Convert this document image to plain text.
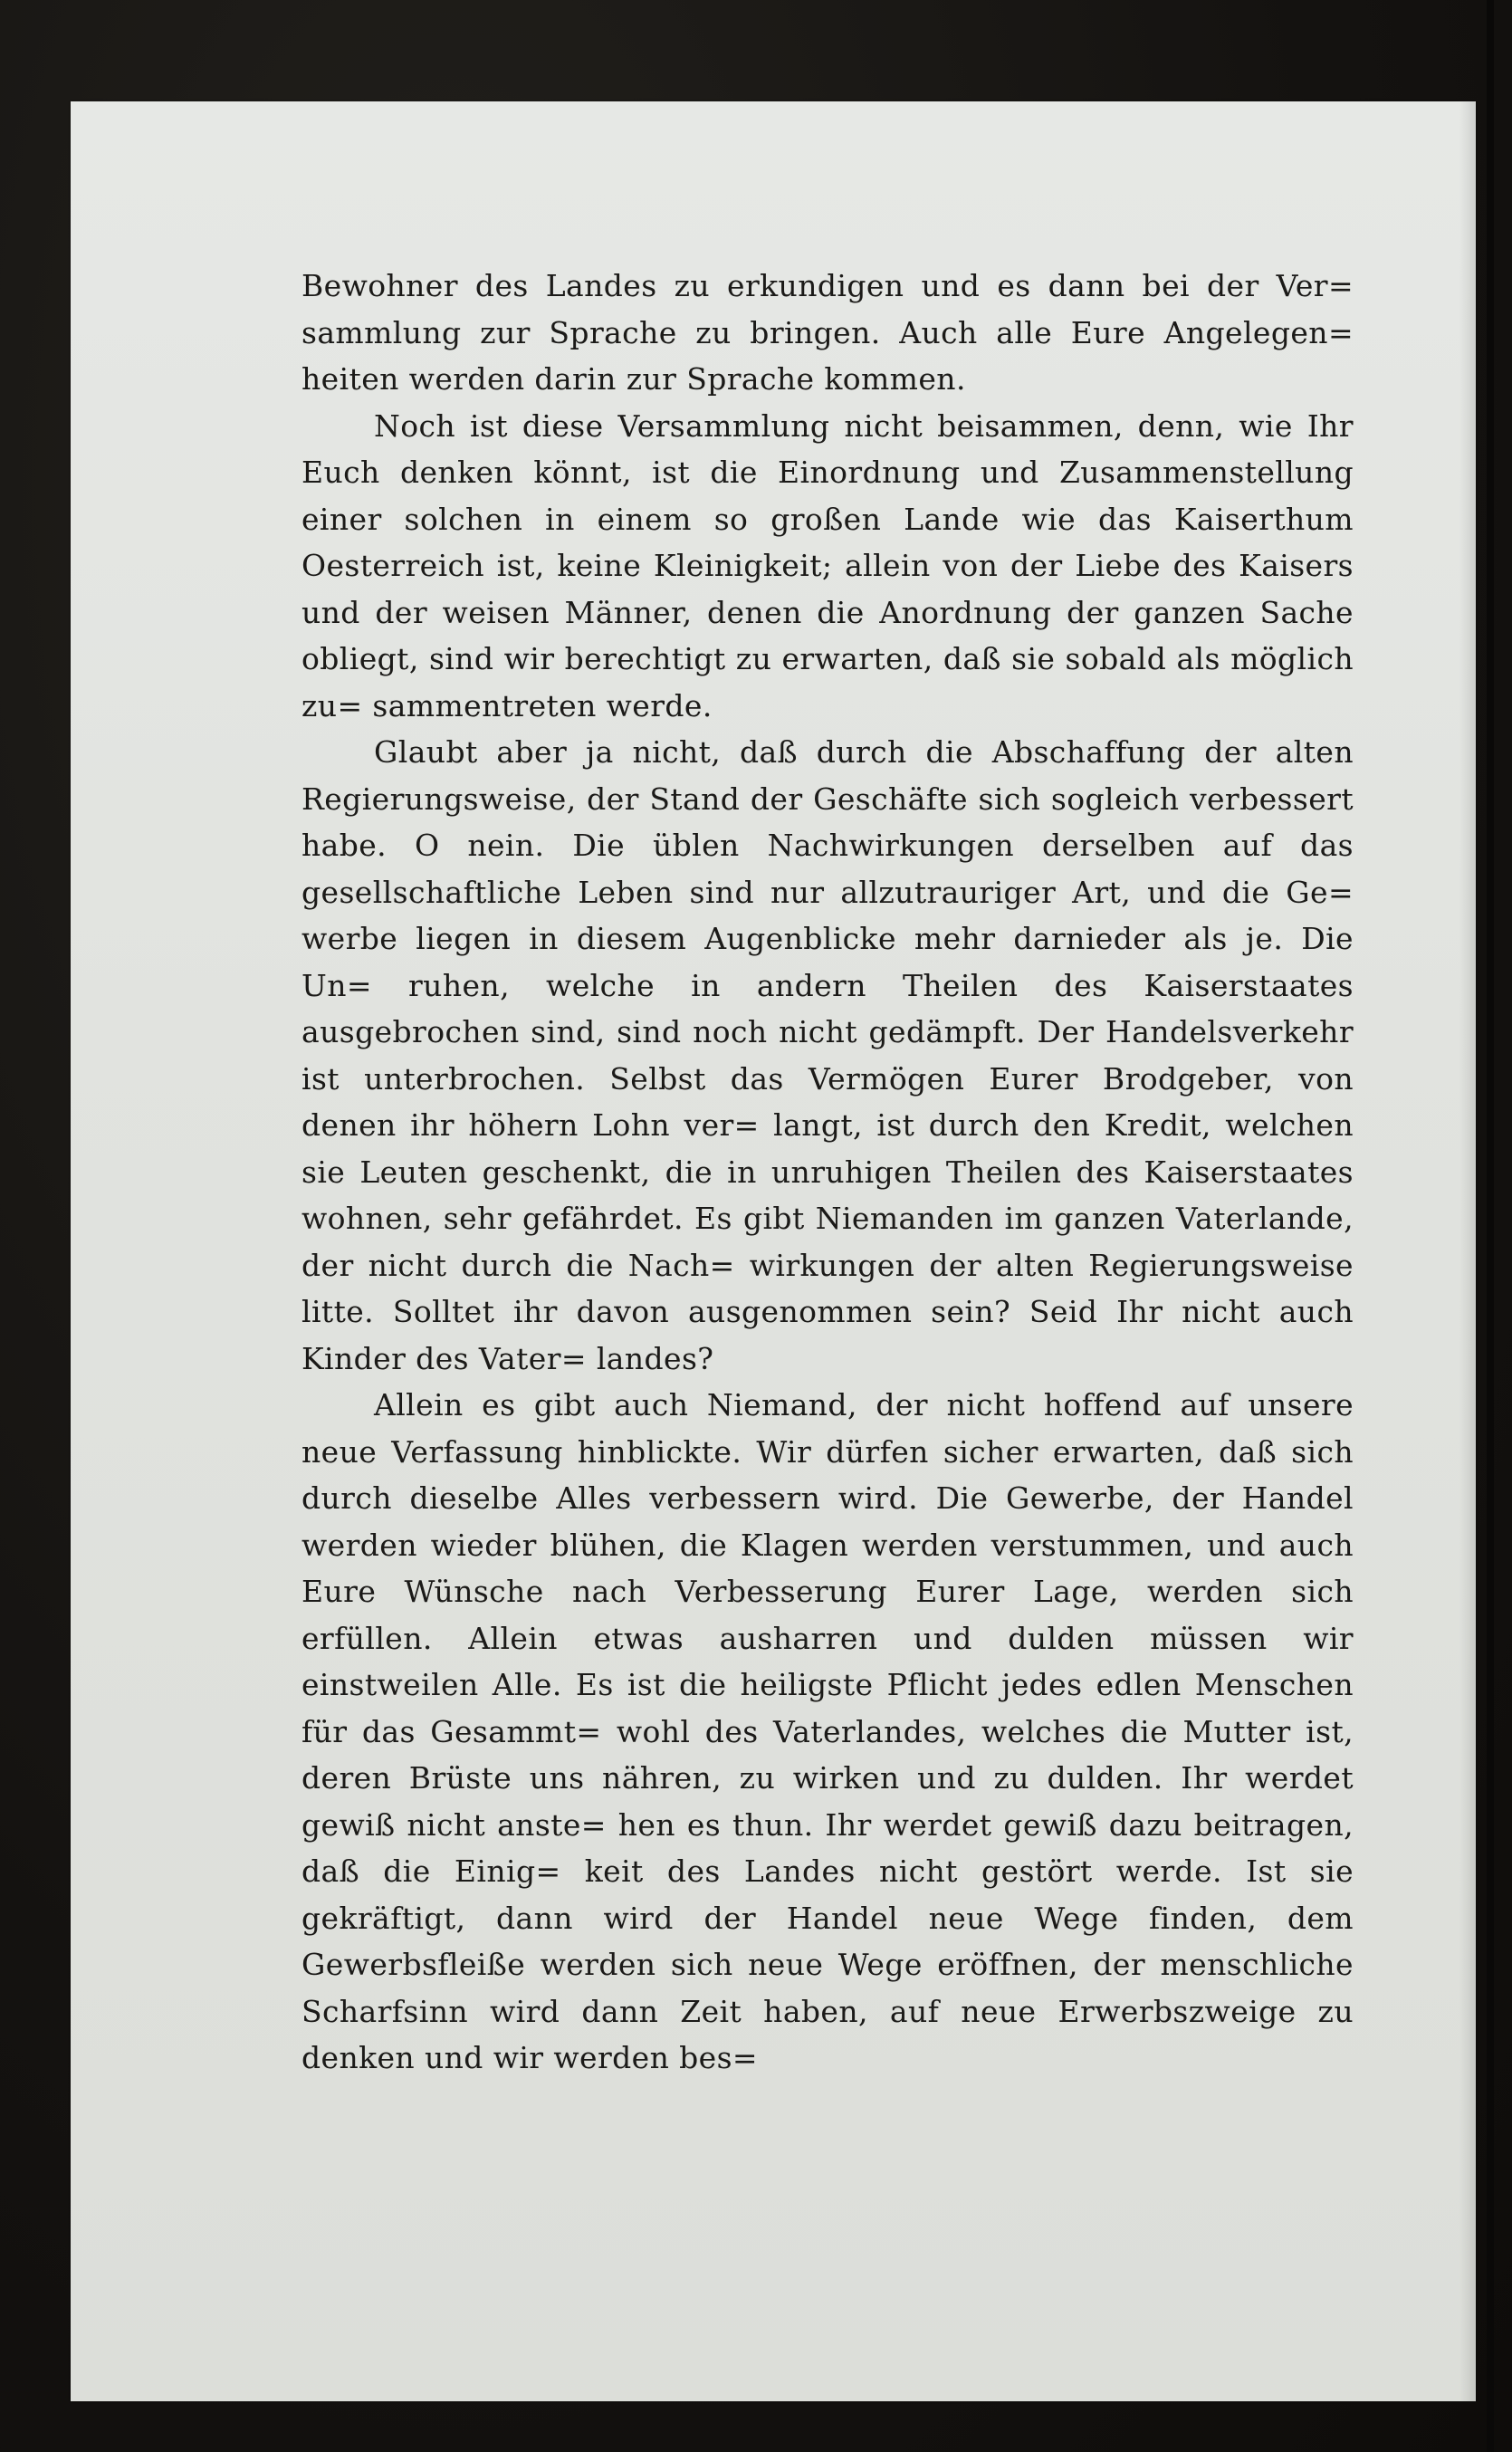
Bewohner des Landes zu erkundigen und es dann bei der Ver= sammlung zur Sprache zu bringen. Auch alle Eure Angelegen= heiten werden darin zur Sprache kommen.

Noch ist diese Versammlung nicht beisammen, denn, wie Ihr Euch denken könnt, ist die Einordnung und Zusammenstellung einer solchen in einem so großen Lande wie das Kaiserthum Oesterreich ist, keine Kleinigkeit; allein von der Liebe des Kaisers und der weisen Männer, denen die Anordnung der ganzen Sache obliegt, sind wir berechtigt zu erwarten, daß sie sobald als möglich zu= sammentreten werde.

Glaubt aber ja nicht, daß durch die Abschaffung der alten Regierungsweise, der Stand der Geschäfte sich sogleich verbessert habe. O nein. Die üblen Nachwirkungen derselben auf das gesellschaftliche Leben sind nur allzutrauriger Art, und die Ge= werbe liegen in diesem Augenblicke mehr darnieder als je. Die Un= ruhen, welche in andern Theilen des Kaiserstaates ausgebrochen sind, sind noch nicht gedämpft. Der Handelsverkehr ist unterbrochen. Selbst das Vermögen Eurer Brodgeber, von denen ihr höhern Lohn ver= langt, ist durch den Kredit, welchen sie Leuten geschenkt, die in unruhigen Theilen des Kaiserstaates wohnen, sehr gefährdet. Es gibt Niemanden im ganzen Vaterlande, der nicht durch die Nach= wirkungen der alten Regierungsweise litte. Solltet ihr davon ausgenommen sein? Seid Ihr nicht auch Kinder des Vater= landes?

Allein es gibt auch Niemand, der nicht hoffend auf unsere neue Verfassung hinblickte. Wir dürfen sicher erwarten, daß sich durch dieselbe Alles verbessern wird. Die Gewerbe, der Handel werden wieder blühen, die Klagen werden verstummen, und auch Eure Wünsche nach Verbesserung Eurer Lage, werden sich erfüllen. Allein etwas ausharren und dulden müssen wir einstweilen Alle. Es ist die heiligste Pflicht jedes edlen Menschen für das Gesammt= wohl des Vaterlandes, welches die Mutter ist, deren Brüste uns nähren, zu wirken und zu dulden. Ihr werdet gewiß nicht anste= hen es thun. Ihr werdet gewiß dazu beitragen, daß die Einig= keit des Landes nicht gestört werde. Ist sie gekräftigt, dann wird der Handel neue Wege finden, dem Gewerbsfleiße werden sich neue Wege eröffnen, der menschliche Scharfsinn wird dann Zeit haben, auf neue Erwerbszweige zu denken und wir werden bes=
